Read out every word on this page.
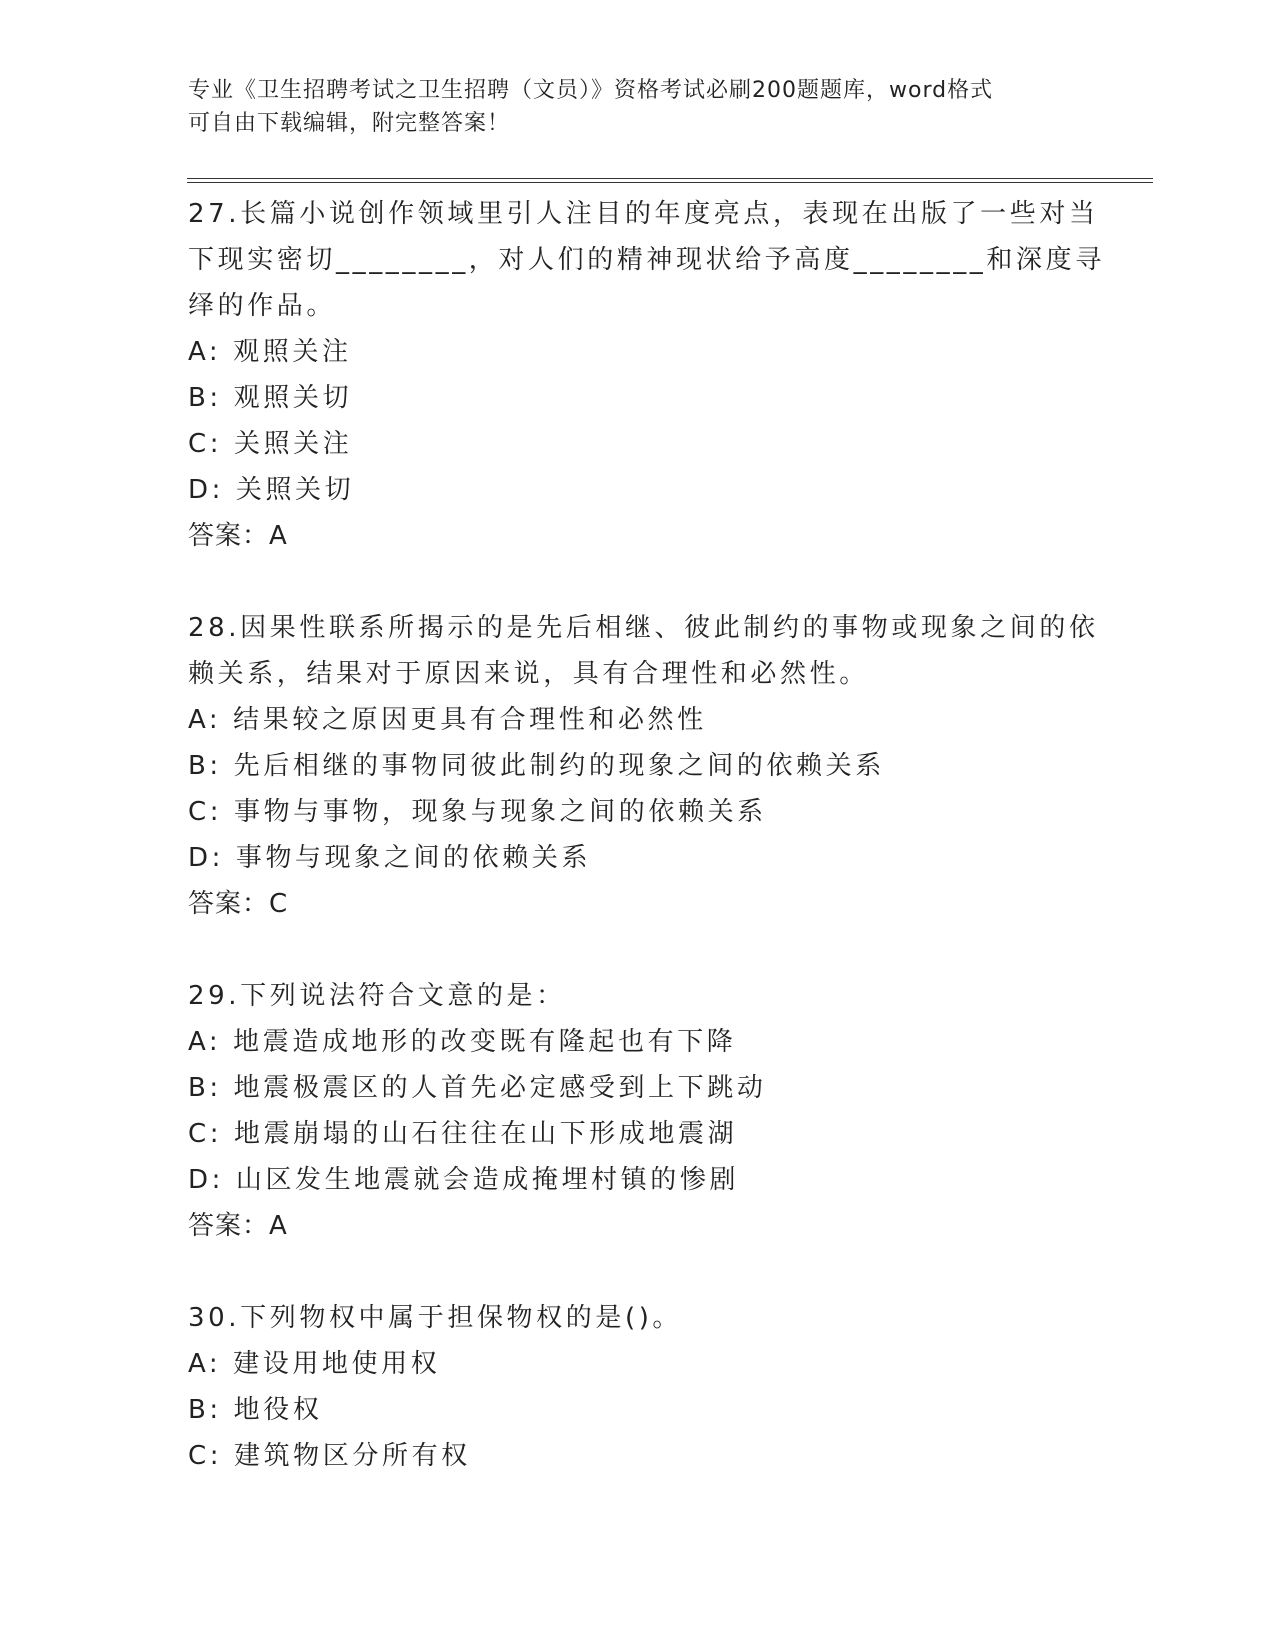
专业《卫生招聘考试之卫生招聘（文员）》资格考试必刷200题题库，word格式
可自由下载编辑，附完整答案！
27.长篇小说创作领域里引人注目的年度亮点，表现在出版了一些对当
下现实密切________，对人们的精神现状给予高度________和深度寻
绎的作品。
A: 观照关注
B: 观照关切
C: 关照关注
D: 关照关切
答案：A
28.因果性联系所揭示的是先后相继、彼此制约的事物或现象之间的依
赖关系，结果对于原因来说，具有合理性和必然性。
A: 结果较之原因更具有合理性和必然性
B: 先后相继的事物同彼此制约的现象之间的依赖关系
C: 事物与事物，现象与现象之间的依赖关系
D: 事物与现象之间的依赖关系
答案：C
29.下列说法符合文意的是：
A: 地震造成地形的改变既有隆起也有下降
B: 地震极震区的人首先必定感受到上下跳动
C: 地震崩塌的山石往往在山下形成地震湖
D: 山区发生地震就会造成掩埋村镇的惨剧
答案：A
30.下列物权中属于担保物权的是()。
A: 建设用地使用权
B: 地役权
C: 建筑物区分所有权
